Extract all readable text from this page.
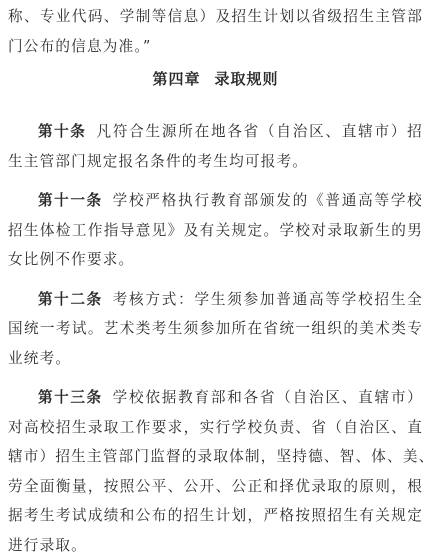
称、专业代码、学制等信息）及招生计划以省级招生主管部
门公布的信息为准。”
第四章 录取规则
第十条 凡符合生源所在地各省（自治区、直辖市）招
生主管部门规定报名条件的考生均可报考。
第十一条 学校严格执行教育部颁发的《普通高等学校
招生体检工作指导意见》及有关规定。学校对录取新生的男
女比例不作要求。
第十二条 考核方式：学生须参加普通高等学校招生全
国统一考试。艺术类考生须参加所在省统一组织的美术类专
业统考。
第十三条 学校依据教育部和各省（自治区、直辖市）
对高校招生录取工作要求，实行学校负责、省（自治区、直
辖市）招生主管部门监督的录取体制，坚持德、智、体、美、
劳全面衡量，按照公平、公开、公正和择优录取的原则，根
据考生考试成绩和公布的招生计划，严格按照招生有关规定
进行录取。
